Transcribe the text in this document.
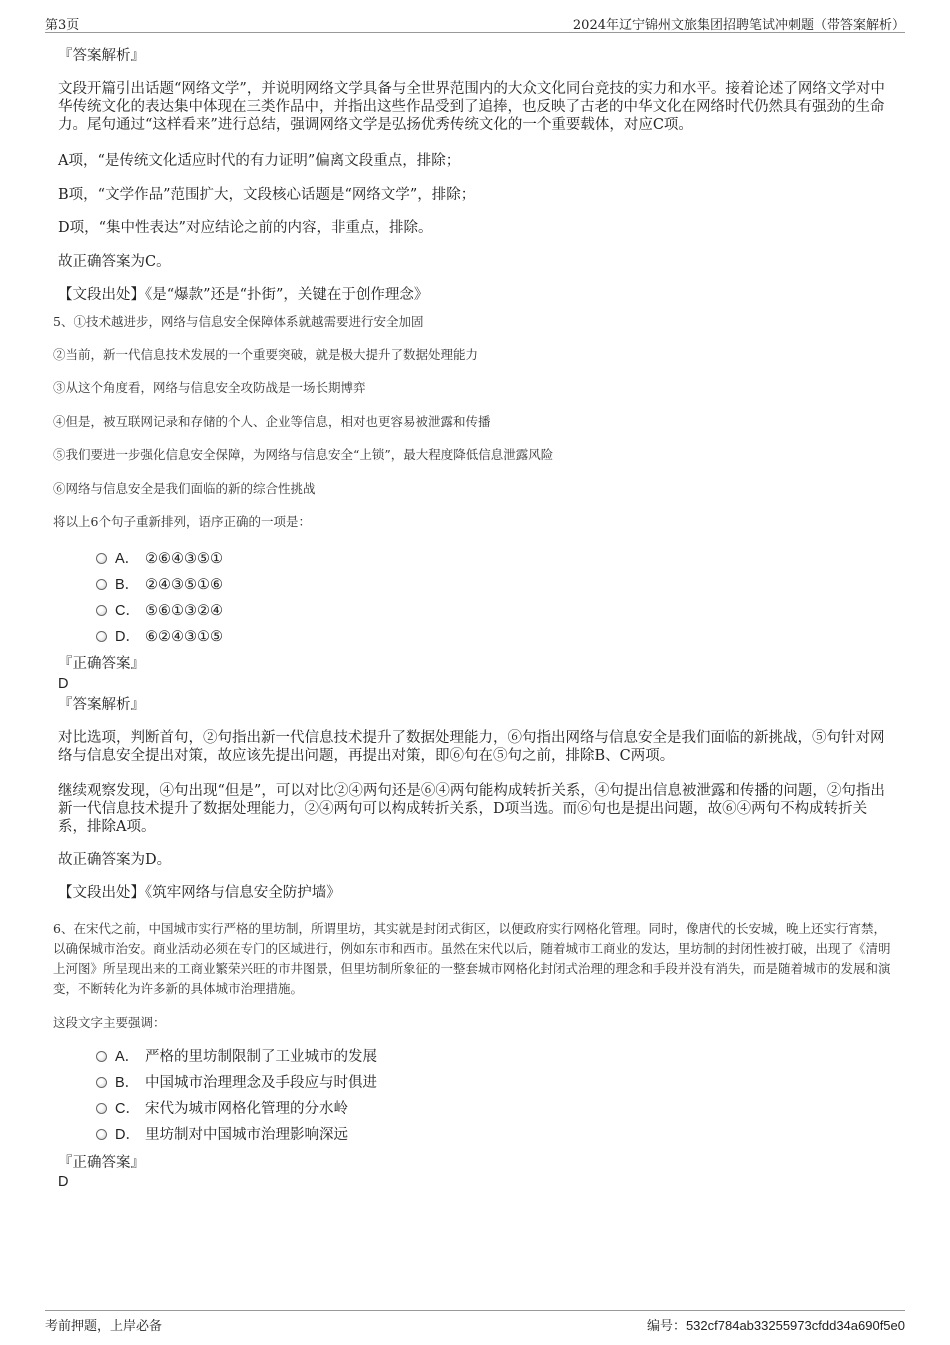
第3页	2024年辽宁锦州文旅集团招聘笔试冲刺题（带答案解析）

『答案解析』

文段开篇引出话题“网络文学”，并说明网络文学具备与全世界范围内的大众文化同台竞技的实力和水平。接着论述了网络文学对中华传统文化的表达集中体现在三类作品中，并指出这些作品受到了追捧，也反映了古老的中华文化在网络时代仍然具有强劲的生命力。尾句通过“这样看来”进行总结，强调网络文学是弘扬优秀传统文化的一个重要载体，对应C项。

A项，“是传统文化适应时代的有力证明”偏离文段重点，排除；

B项，“文学作品”范围扩大，文段核心话题是“网络文学”，排除；

D项，“集中性表达”对应结论之前的内容，非重点，排除。

故正确答案为C。

【文段出处】《是“爆款”还是“扑街”，关键在于创作理念》

5、①技术越进步，网络与信息安全保障体系就越需要进行安全加固

②当前，新一代信息技术发展的一个重要突破，就是极大提升了数据处理能力

③从这个角度看，网络与信息安全攻防战是一场长期博弈

④但是，被互联网记录和存储的个人、企业等信息，相对也更容易被泄露和传播

⑤我们要进一步强化信息安全保障，为网络与信息安全“上锁”，最大程度降低信息泄露风险

⑥网络与信息安全是我们面临的新的综合性挑战

将以上6个句子重新排列，语序正确的一项是：

A． ②⑥④③⑤①
B． ②④③⑤①⑥
C． ⑤⑥①③②④
D． ⑥②④③①⑤

『正确答案』

D

『答案解析』

对比选项，判断首句，②句指出新一代信息技术提升了数据处理能力，⑥句指出网络与信息安全是我们面临的新挑战，⑤句针对网络与信息安全提出对策，故应该先提出问题，再提出对策，即⑥句在⑤句之前，排除B、C两项。

继续观察发现，④句出现“但是”，可以对比②④两句还是⑥④两句能构成转折关系，④句提出信息被泄露和传播的问题，②句指出新一代信息技术提升了数据处理能力，②④两句可以构成转折关系，D项当选。而⑥句也是提出问题，故⑥④两句不构成转折关系，排除A项。

故正确答案为D。

【文段出处】《筑牢网络与信息安全防护墙》

6、在宋代之前，中国城市实行严格的里坊制，所谓里坊，其实就是封闭式街区，以便政府实行网格化管理。同时，像唐代的长安城，晚上还实行宵禁，以确保城市治安。商业活动必须在专门的区域进行，例如东市和西市。虽然在宋代以后，随着城市工商业的发达，里坊制的封闭性被打破，出现了《清明上河图》所呈现出来的工商业繁荣兴旺的市井图景，但里坊制所象征的一整套城市网格化封闭式治理的理念和手段并没有消失，而是随着城市的发展和演变，不断转化为许多新的具体城市治理措施。

这段文字主要强调：

A． 严格的里坊制限制了工业城市的发展
B． 中国城市治理理念及手段应与时俱进
C． 宋代为城市网格化管理的分水岭
D． 里坊制对中国城市治理影响深远

『正确答案』

D

考前押题，上岸必备	编号：532cf784ab33255973cfdd34a690f5e0
